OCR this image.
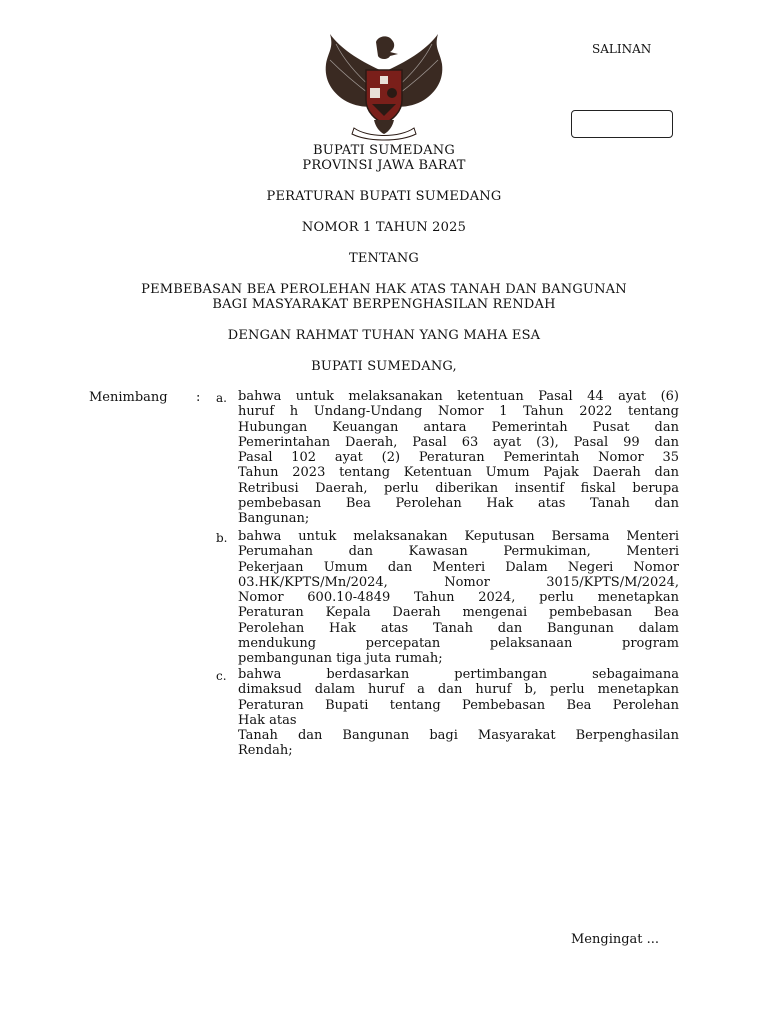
SALINAN
BUPATI SUMEDANG
PROVINSI JAWA BARAT
PERATURAN BUPATI SUMEDANG
NOMOR 1 TAHUN 2025
TENTANG
PEMBEBASAN BEA PEROLEHAN HAK ATAS TANAH DAN BANGUNAN
BAGI MASYARAKAT BERPENGHASILAN RENDAH
DENGAN RAHMAT TUHAN YANG MAHA ESA
BUPATI SUMEDANG,
Menimbang : a. bahwa untuk melaksanakan ketentuan Pasal 44 ayat (6)
huruf h Undang-Undang Nomor 1 Tahun 2022 tentang
Hubungan Keuangan antara Pemerintah Pusat dan
Pemerintahan Daerah, Pasal 63 ayat (3), Pasal 99 dan
Pasal 102 ayat (2) Peraturan Pemerintah Nomor 35
Tahun 2023 tentang Ketentuan Umum Pajak Daerah dan
Retribusi Daerah, perlu diberikan insentif fiskal berupa
pembebasan Bea Perolehan Hak atas Tanah dan
Bangunan;
b. bahwa untuk melaksanakan Keputusan Bersama Menteri
Perumahan dan Kawasan Permukiman, Menteri
Pekerjaan Umum dan Menteri Dalam Negeri Nomor
03.HK/KPTS/Mn/2024, Nomor 3015/KPTS/M/2024,
Nomor 600.10-4849 Tahun 2024, perlu menetapkan
Peraturan Kepala Daerah mengenai pembebasan Bea
Perolehan Hak atas Tanah dan Bangunan dalam
mendukung percepatan pelaksanaan program
pembangunan tiga juta rumah;
c. bahwa berdasarkan pertimbangan sebagaimana
dimaksud dalam huruf a dan huruf b, perlu menetapkan
Peraturan Bupati tentang Pembebasan Bea Perolehan
Hak atas
Tanah dan Bangunan bagi Masyarakat Berpenghasilan
Rendah;
Mengingat ...
